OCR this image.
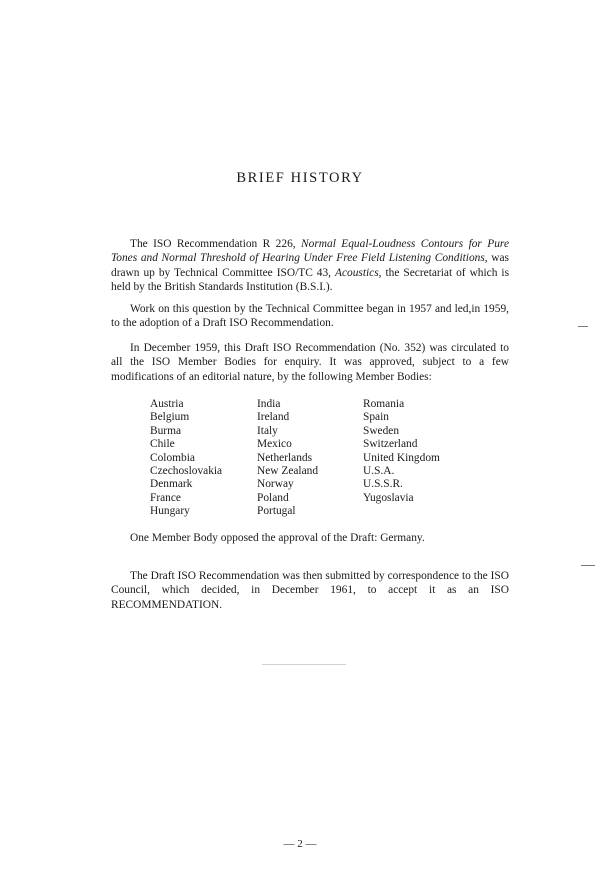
BRIEF HISTORY

The ISO Recommendation R 226, Normal Equal-Loudness Contours for Pure Tones and Normal Threshold of Hearing Under Free Field Listening Conditions, was drawn up by Technical Committee ISO/TC 43, Acoustics, the Secretariat of which is held by the British Standards Institution (B.S.I.).

Work on this question by the Technical Committee began in 1957 and led,in 1959, to the adoption of a Draft ISO Recommendation.

In December 1959, this Draft ISO Recommendation (No. 352) was circulated to all the ISO Member Bodies for enquiry. It was approved, subject to a few modifications of an editorial nature, by the following Member Bodies:

Austria
Belgium
Burma
Chile
Colombia
Czechoslovakia
Denmark
France
Hungary
India
Ireland
Italy
Mexico
Netherlands
New Zealand
Norway
Poland
Portugal
Romania
Spain
Sweden
Switzerland
United Kingdom
U.S.A.
U.S.S.R.
Yugoslavia

One Member Body opposed the approval of the Draft: Germany.

The Draft ISO Recommendation was then submitted by correspondence to the ISO Council, which decided, in December 1961, to accept it as an ISO RECOMMENDATION.

— 2 —
